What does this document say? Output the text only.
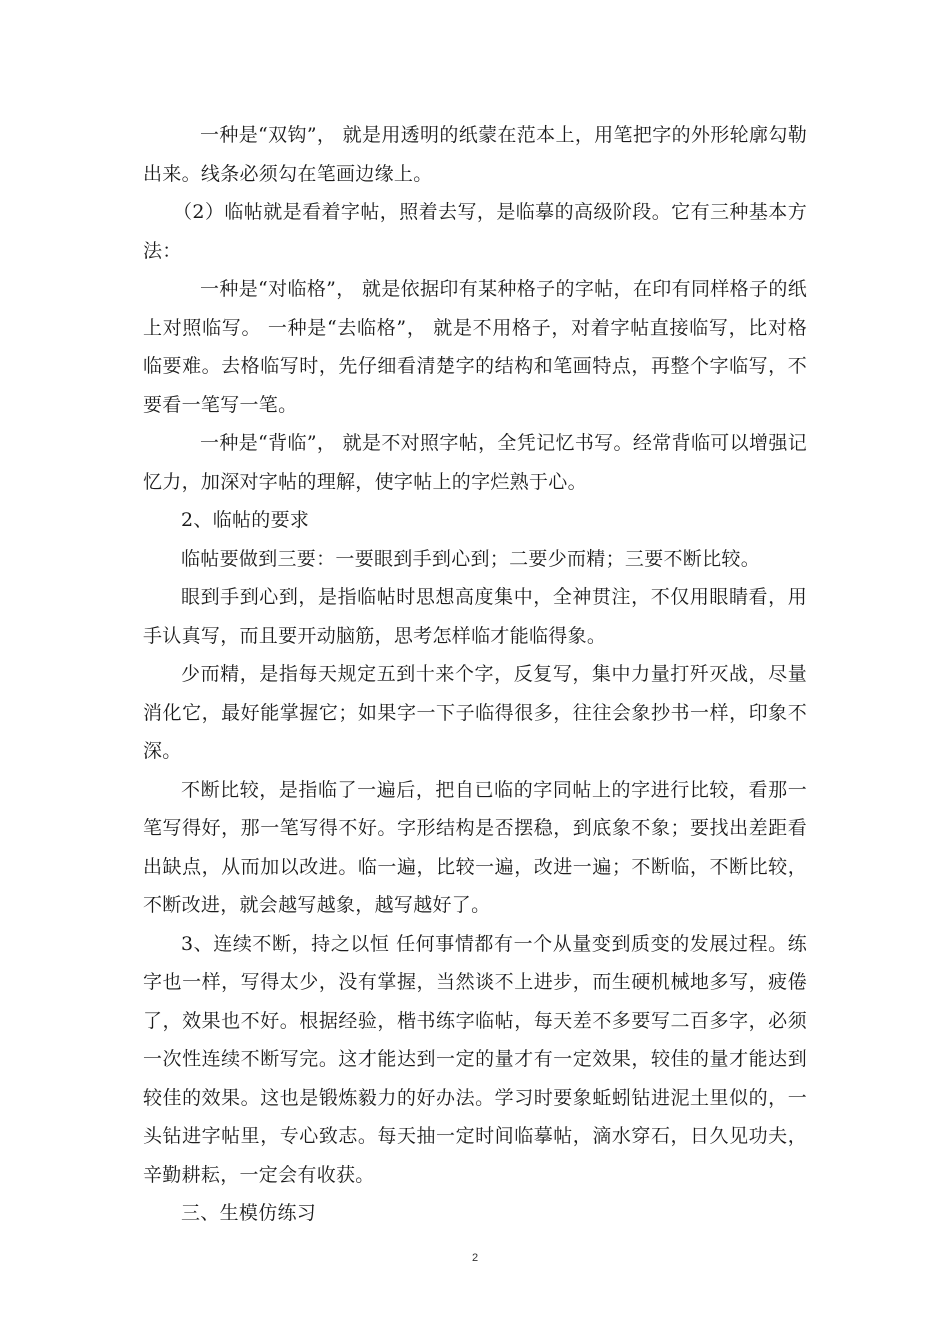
一种是“双钩”， 就是用透明的纸蒙在范本上，用笔把字的外形轮廓勾勒出来。线条必须勾在笔画边缘上。

（2）临帖就是看着字帖，照着去写，是临摹的高级阶段。它有三种基本方法：

一种是“对临格”， 就是依据印有某种格子的字帖，在印有同样格子的纸上对照临写。 一种是“去临格”， 就是不用格子，对着字帖直接临写，比对格临要难。去格临写时，先仔细看清楚字的结构和笔画特点，再整个字临写，不要看一笔写一笔。

一种是“背临”， 就是不对照字帖，全凭记忆书写。经常背临可以增强记忆力，加深对字帖的理解，使字帖上的字烂熟于心。

2、临帖的要求

临帖要做到三要：一要眼到手到心到；二要少而精；三要不断比较。

眼到手到心到，是指临帖时思想高度集中，全神贯注，不仅用眼睛看，用手认真写，而且要开动脑筋，思考怎样临才能临得象。

少而精，是指每天规定五到十来个字，反复写，集中力量打歼灭战，尽量消化它，最好能掌握它；如果字一下子临得很多，往往会象抄书一样，印象不深。

不断比较，是指临了一遍后，把自已临的字同帖上的字进行比较，看那一笔写得好，那一笔写得不好。字形结构是否摆稳，到底象不象；要找出差距看出缺点，从而加以改进。临一遍，比较一遍，改进一遍；不断临，不断比较，不断改进，就会越写越象，越写越好了。

3、连续不断，持之以恒 任何事情都有一个从量变到质变的发展过程。练字也一样，写得太少，没有掌握，当然谈不上进步，而生硬机械地多写，疲倦了，效果也不好。根据经验，楷书练字临帖，每天差不多要写二百多字，必须一次性连续不断写完。这才能达到一定的量才有一定效果，较佳的量才能达到较佳的效果。这也是锻炼毅力的好办法。学习时要象蚯蚓钻进泥土里似的，一头钻进字帖里，专心致志。每天抽一定时间临摹帖，滴水穿石，日久见功夫，辛勤耕耘，一定会有收获。

三、生模仿练习

2
